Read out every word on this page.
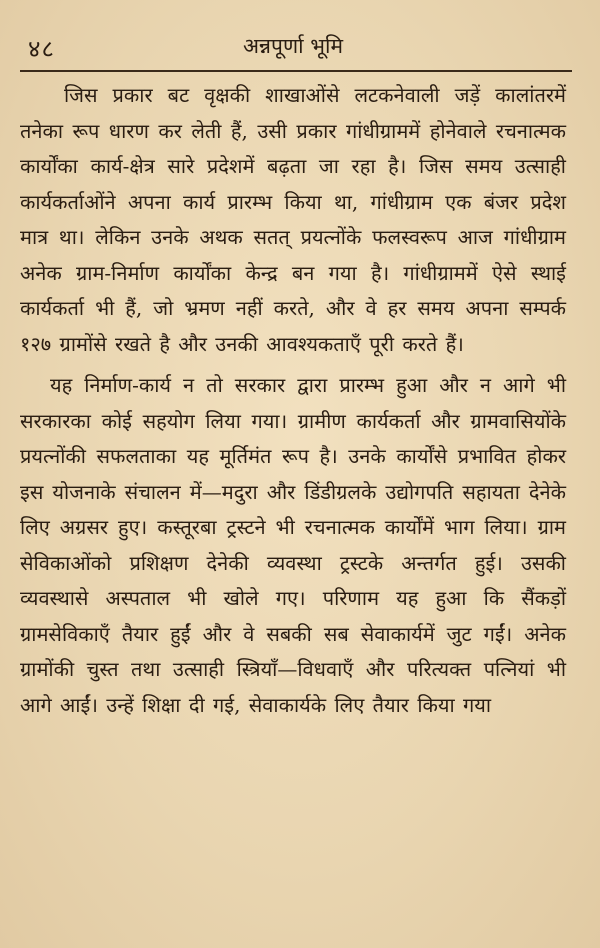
४८	अन्नपूर्णा भूमि

जिस प्रकार बट वृक्षकी शाखाओंसे लटकनेवाली जड़ें कालांतरमें तनेका रूप धारण कर लेती हैं, उसी प्रकार गांधीग्राममें होनेवाले रचनात्मक कार्योंका कार्य-क्षेत्र सारे प्रदेशमें बढ़ता जा रहा है। जिस समय उत्साही कार्यकर्ताओंने अपना कार्य प्रारम्भ किया था, गांधीग्राम एक बंजर प्रदेश मात्र था। लेकिन उनके अथक सतत् प्रयत्नोंके फलस्वरूप आज गांधीग्राम अनेक ग्राम-निर्माण कार्योंका केन्द्र बन गया है। गांधीग्राममें ऐसे स्थाई कार्यकर्ता भी हैं, जो भ्रमण नहीं करते, और वे हर समय अपना सम्पर्क १२७ ग्रामोंसे रखते है और उनकी आवश्यकताएँ पूरी करते हैं।

यह निर्माण-कार्य न तो सरकार द्वारा प्रारम्भ हुआ और न आगे भी सरकारका कोई सहयोग लिया गया। ग्रामीण कार्यकर्ता और ग्रामवासियोंके प्रयत्नोंकी सफलताका यह मूर्तिमंत रूप है। उनके कार्योंसे प्रभावित होकर इस योजनाके संचालन में—मदुरा और डिंडीग्रलके उद्योगपति सहायता देनेके लिए अग्रसर हुए। कस्तूरबा ट्रस्टने भी रचनात्मक कार्योंमें भाग लिया। ग्राम सेविकाओंको प्रशिक्षण देनेकी व्यवस्था ट्रस्टके अन्तर्गत हुई। उसकी व्यवस्थासे अस्पताल भी खोले गए। परिणाम यह हुआ कि सैंकड़ों ग्रामसेविकाएँ तैयार हुईं और वे सबकी सब सेवाकार्यमें जुट गईं। अनेक ग्रामोंकी चुस्त तथा उत्साही स्त्रियाँ—विधवाएँ और परित्यक्त पत्नियां भी आगे आईं। उन्हें शिक्षा दी गई, सेवाकार्यके लिए तैयार किया गया
